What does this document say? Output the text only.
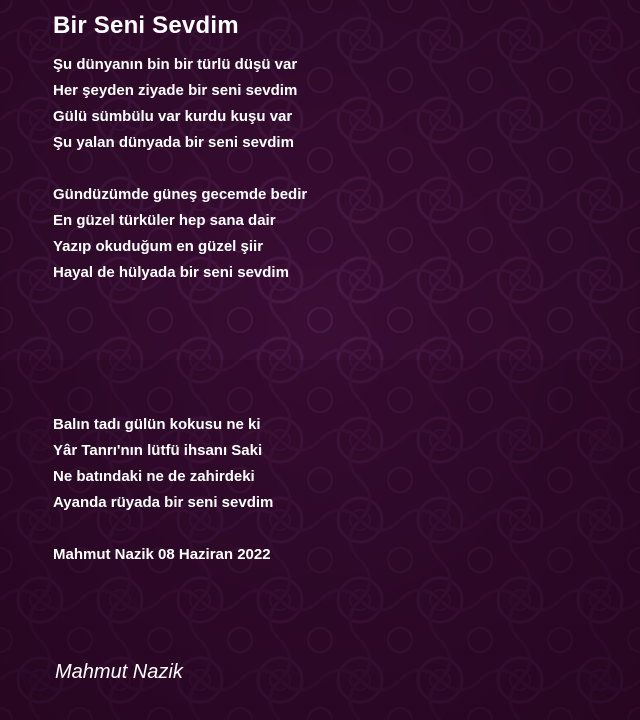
Bir Seni Sevdim
Şu dünyanın bin bir türlü düşü var
Her şeyden ziyade bir seni sevdim
Gülü sümbülu var kurdu kuşu var
Şu yalan dünyada bir seni sevdim
Gündüzümde güneş gecemde bedir
En güzel türküler hep sana dair
Yazıp okuduğum en güzel şiir
Hayal de hülyada bir seni sevdim
Balın tadı gülün kokusu ne ki
Yâr Tanrı'nın lütfü ihsanı Saki
Ne batındaki ne de zahirdeki
Ayanda rüyada bir seni sevdim
Mahmut Nazik 08 Haziran 2022
Mahmut Nazik
